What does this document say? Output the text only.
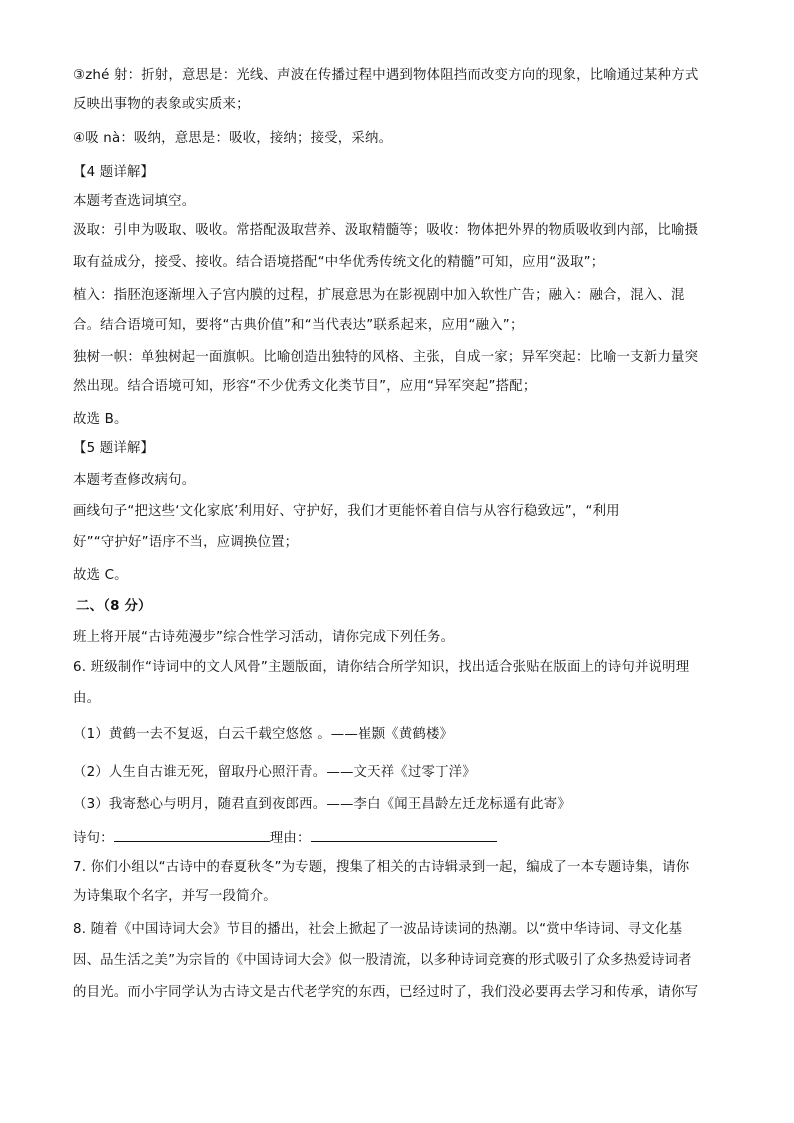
③zhé 射：折射，意思是：光线、声波在传播过程中遇到物体阻挡而改变方向的现象，比喻通过某种方式

反映出事物的表象或实质来；

④吸 nà：吸纳，意思是：吸收，接纳；接受，采纳。

【4 题详解】

本题考查选词填空。

汲取：引申为吸取、吸收。常搭配汲取营养、汲取精髓等；吸收：物体把外界的物质吸收到内部，比喻摄

取有益成分，接受、接收。结合语境搭配“中华优秀传统文化的精髓”可知，应用“汲取”；

植入：指胚泡逐渐埋入子宫内膜的过程，扩展意思为在影视剧中加入软性广告；融入：融合，混入、混

合。结合语境可知，要将“古典价值”和“当代表达”联系起来，应用“融入”；

独树一帜：单独树起一面旗帜。比喻创造出独特的风格、主张，自成一家；异军突起：比喻一支新力量突

然出现。结合语境可知，形容“不少优秀文化类节目”，应用“异军突起”搭配；

故选 B。

【5 题详解】

本题考查修改病句。

画线句子“把这些‘文化家底’利用好、守护好，我们才更能怀着自信与从容行稳致远”，“利用

好”“守护好”语序不当，应调换位置；

故选 C。

二、（8 分）

班上将开展“古诗苑漫步”综合性学习活动，请你完成下列任务。

6. 班级制作“诗词中的文人风骨”主题版面，请你结合所学知识，找出适合张贴在版面上的诗句并说明理

由。

（1）黄鹤一去不复返，白云千载空悠悠 。——崔颢《黄鹤楼》

（2）人生自古谁无死，留取丹心照汗青。——文天祥《过零丁洋》

（3）我寄愁心与明月，随君直到夜郎西。——李白《闻王昌龄左迁龙标遥有此寄》

诗句：	理由：

7. 你们小组以“古诗中的春夏秋冬”为专题，搜集了相关的古诗辑录到一起，编成了一本专题诗集，请你

为诗集取个名字，并写一段简介。

8. 随着《中国诗词大会》节目的播出，社会上掀起了一波品诗读词的热潮。以“赏中华诗词、寻文化基

因、品生活之美”为宗旨的《中国诗词大会》似一股清流，以多种诗词竞赛的形式吸引了众多热爱诗词者

的目光。而小宇同学认为古诗文是古代老学究的东西，已经过时了，我们没必要再去学习和传承，请你写
